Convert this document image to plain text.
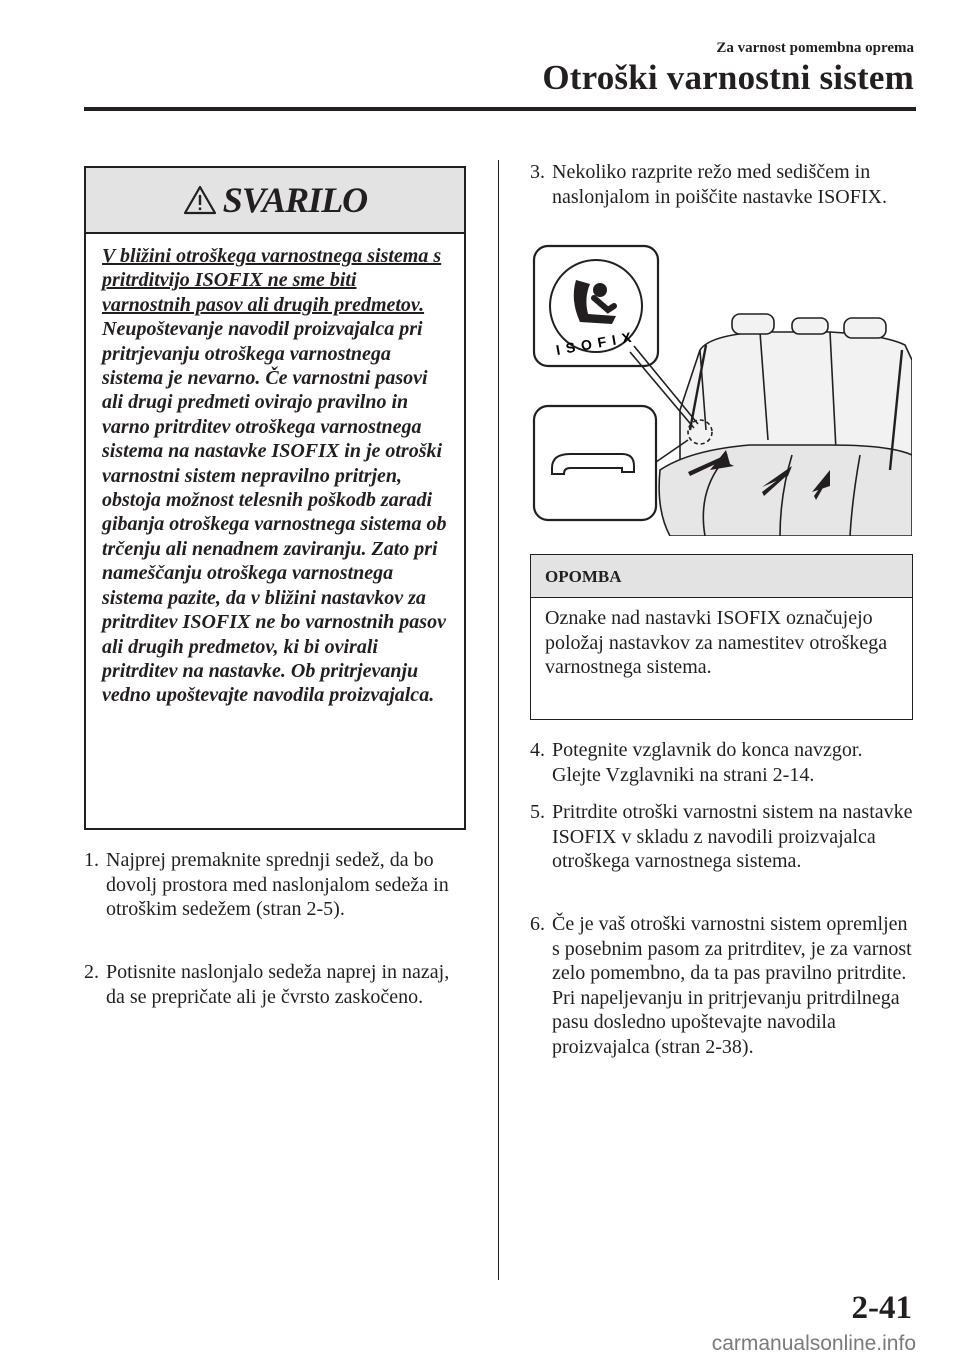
Za varnost pomembna oprema
Otroški varnostni sistem
SVARILO

V bližini otroškega varnostnega sistema s pritrditvijo ISOFIX ne sme biti varnostnih pasov ali drugih predmetov.

Neupoštevanje navodil proizvajalca pri pritrjevanju otroškega varnostnega sistema je nevarno. Če varnostni pasovi ali drugi predmeti ovirajo pravilno in varno pritrditev otroškega varnostnega sistema na nastavke ISOFIX in je otroški varnostni sistem nepravilno pritrjen, obstoja možnost telesnih poškodb zaradi gibanja otroškega varnostnega sistema ob trčenju ali nenadnem zaviranju. Zato pri nameščanju otroškega varnostnega sistema pazite, da v bližini nastavkov za pritrditev ISOFIX ne bo varnostnih pasov ali drugih predmetov, ki bi ovirali pritrditev na nastavke. Ob pritrjevanju vedno upoštevajte navodila proizvajalca.

1. Najprej premaknite sprednji sedež, da bo dovolj prostora med naslonjalom sedeža in otroškim sedežem (stran 2-5).
2. Potisnite naslonjalo sedeža naprej in nazaj, da se prepričate ali je čvrsto zaskočeno.
3. Nekoliko razprite režo med sediščem in naslonjalom in poiščite nastavke ISOFIX.
ISOFIX
OPOMBA
Oznake nad nastavki ISOFIX označujejo položaj nastavkov za namestitev otroškega varnostnega sistema.
4. Potegnite vzglavnik do konca navzgor. Glejte Vzglavniki na strani 2-14.
5. Pritrdite otroški varnostni sistem na nastavke ISOFIX v skladu z navodili proizvajalca otroškega varnostnega sistema.
6. Če je vaš otroški varnostni sistem opremljen s posebnim pasom za pritrditev, je za varnost zelo pomembno, da ta pas pravilno pritrdite. Pri napeljevanju in pritrjevanju pritrdilnega pasu dosledno upoštevajte navodila proizvajalca (stran 2-38).
2-41
carmanualsonline.info
